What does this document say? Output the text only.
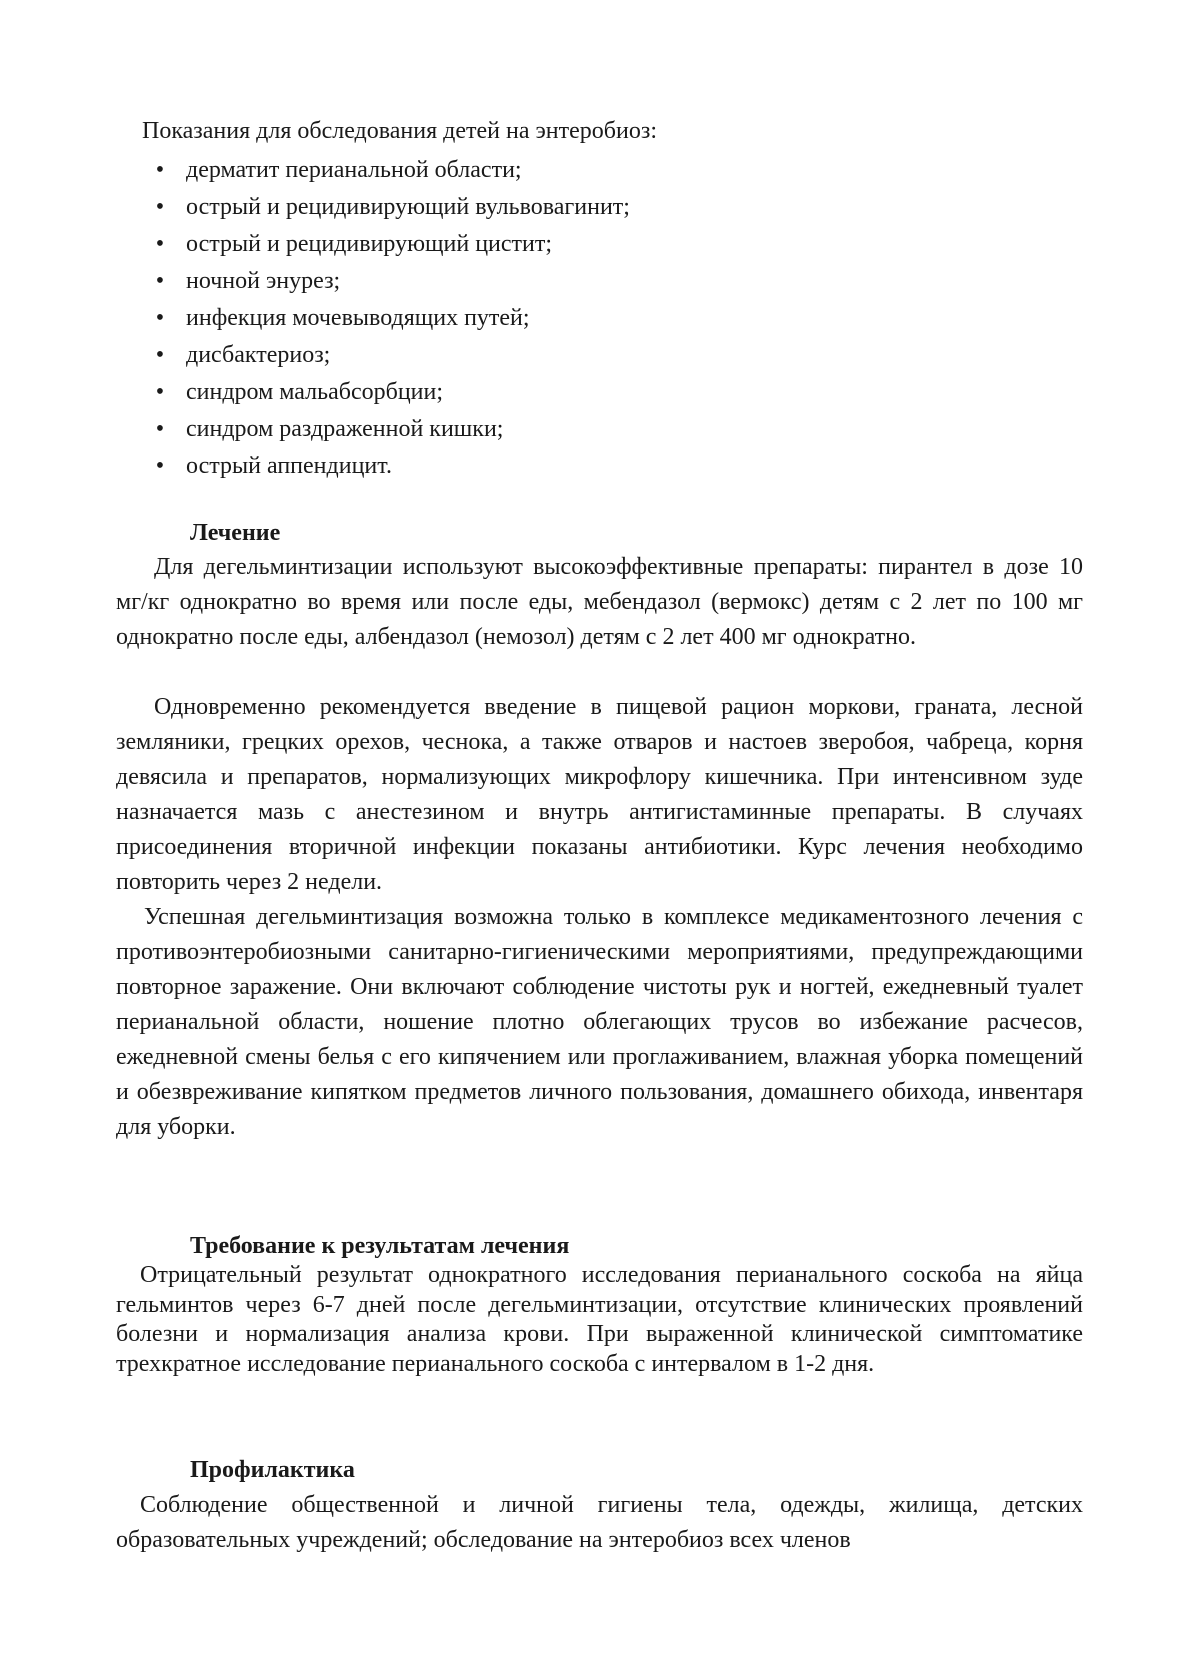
Показания для обследования детей на энтеробиоз:

• дерматит перианальной области;
• острый и рецидивирующий вульвовагинит;
• острый и рецидивирующий цистит;
• ночной энурез;
• инфекция мочевыводящих путей;
• дисбактериоз;
• синдром мальабсорбции;
• синдром раздраженной кишки;
• острый аппендицит.
Лечение

Для дегельминтизации используют высокоэффективные препараты: пирантел в дозе 10 мг/кг однократно во время или после еды, мебендазол (вермокс) детям с 2 лет по 100 мг однократно после еды, албендазол (немозол) детям с 2 лет 400 мг однократно.

Одновременно рекомендуется введение в пищевой рацион моркови, граната, лесной земляники, грецких орехов, чеснока, а также отваров и настоев зверобоя, чабреца, корня девясила и препаратов, нормализующих микрофлору кишечника. При интенсивном зуде назначается мазь с анестезином и внутрь антигистаминные препараты. В случаях присоединения вторичной инфекции показаны антибиотики. Курс лечения необходимо повторить через 2 недели.

Успешная дегельминтизация возможна только в комплексе медикаментозного лечения с противоэнтеробиозными санитарно-гигиеническими мероприятиями, предупреждающими повторное заражение. Они включают соблюдение чистоты рук и ногтей, ежедневный туалет перианальной области, ношение плотно облегающих трусов во избежание расчесов, ежедневной смены белья с его кипячением или проглаживанием, влажная уборка помещений и обезвреживание кипятком предметов личного пользования, домашнего обихода, инвентаря для уборки.

Требование к результатам лечения

Отрицательный результат однократного исследования перианального соскоба на яйца гельминтов через 6-7 дней после дегельминтизации, отсутствие клинических проявлений болезни и нормализация анализа крови. При выраженной клинической симптоматике трехкратное исследование перианального соскоба с интервалом в 1-2 дня.

Профилактика

Соблюдение общественной и личной гигиены тела, одежды, жилища, детских образовательных учреждений; обследование на энтеробиоз всех членов
